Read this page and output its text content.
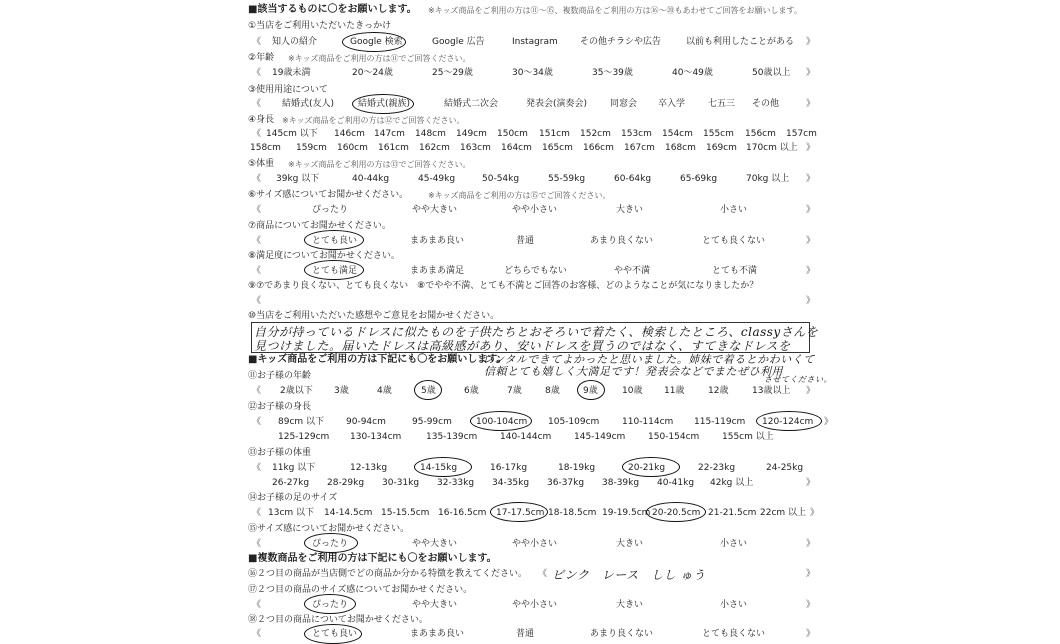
■該当するものに〇をお願いします。 ※キッズ商品をご利用の方は⑪〜⑮、複数商品をご利用の方は⑯〜⑳もあわせてご回答をお願いします。
①当店をご利用いただいたきっかけ
《 知人の紹介	Google 検索	Google 広告	Instagram その他チラシや広告	以前も利用したことがある 》
②年齢 ※キッズ商品をご利用の方は⑪でご回答ください。
《 19歳未満	20〜24歳	25〜29歳	30〜34歳	35〜39歳	40〜49歳	50歳以上 》
③使用用途について
《 結婚式(友人)	結婚式(親族)	結婚式二次会	発表会(演奏会)	同窓会 卒入学	七五三 その他	》
④身長 ※キッズ商品をご利用の方は⑫でご回答ください。
《 145cm 以下 146cm 147cm 148cm 149cm 150cm 151cm 152cm 153cm 154cm 155cm 156cm 157cm
158cm 159cm 160cm 161cm 162cm 163cm 164cm 165cm 166cm 167cm 168cm 169cm 170cm 以上 》
⑤体重 ※キッズ商品をご利用の方は⑬でご回答ください。
《 39kg 以下	40-44kg	45-49kg	50-54kg	55-59kg	60-64kg	65-69kg	70kg 以上 》
⑥サイズ感についてお聞かせください。 ※キッズ商品をご利用の方は⑮でご回答ください。
《	ぴったり	やや大きい	やや小さい	大きい	小さい	》
⑦商品についてお聞かせください。
《	とても良い	まあまあ良い	普通	あまり良くない	とても良くない	》
⑧満足度についてお聞かせください。
《	とても満足	まあまあ満足	どちらでもない	やや不満	とても不満	》
⑨⑦であまり良くない、とても良くない　⑧でやや不満、とても不満とご回答のお客様、どのようなことが気になりましたか？
《	》
⑩当店をご利用いただいた感想やご意見をお聞かせください。
自分が持っているドレスに似たものを子供たちとおそろいで着たく、検索したところ、classyさんを
見つけました。届いたドレスは高級感があり、安いドレスを買うのではなく、すてきなドレスを
■キッズ商品をご利用の方は下記にも〇をお願いします。
レンタルできてよかったと思いました。姉妹で着るとかわいくて
信頼とても嬉しく大満足です！発表会などでまたぜひ利用
させてください。
⑪お子様の年齢
《 2歳以下 3歳	4歳	5歳	6歳	7歳	8歳	9歳	10歳 11歳	12歳	13歳以上 》
⑫お子様の身長
《 89cm 以下 90-94cm	95-99cm	100-104cm 105-109cm	110-114cm 115-119cm 120-124cm 》
125-129cm 130-134cm	135-139cm	140-144cm	145-149cm	150-154cm	155cm 以上
⑬お子様の体重
《 11kg 以下	12-13kg	14-15kg	16-17kg	18-19kg	20-21kg	22-23kg	24-25kg
26-27kg 28-29kg 30-31kg 32-33kg 34-35kg 36-37kg 38-39kg 40-41kg 42kg 以上	》
⑭お子様の足のサイズ
《 13cm 以下 14-14.5cm 15-15.5cm 16-16.5cm 17-17.5cm 18-18.5cm 19-19.5cm 20-20.5cm 21-21.5cm 22cm 以上 》
⑮サイズ感についてお聞かせください。
《	ぴったり	やや大きい	やや小さい	大きい	小さい	》
■複数商品をご利用の方は下記にも〇をお願いします。
⑯２つ目の商品が当店側でどの商品か分かる特徴を教えてください。 《 ピンク　レース　しし ゅう	》
⑰２つ目の商品のサイズ感についてお聞かせください。
《	ぴったり	やや大きい	やや小さい	大きい	小さい	》
⑱２つ目の商品についてお聞かせください。
《	とても良い	まあまあ良い	普通	あまり良くない	とても良くない	》
